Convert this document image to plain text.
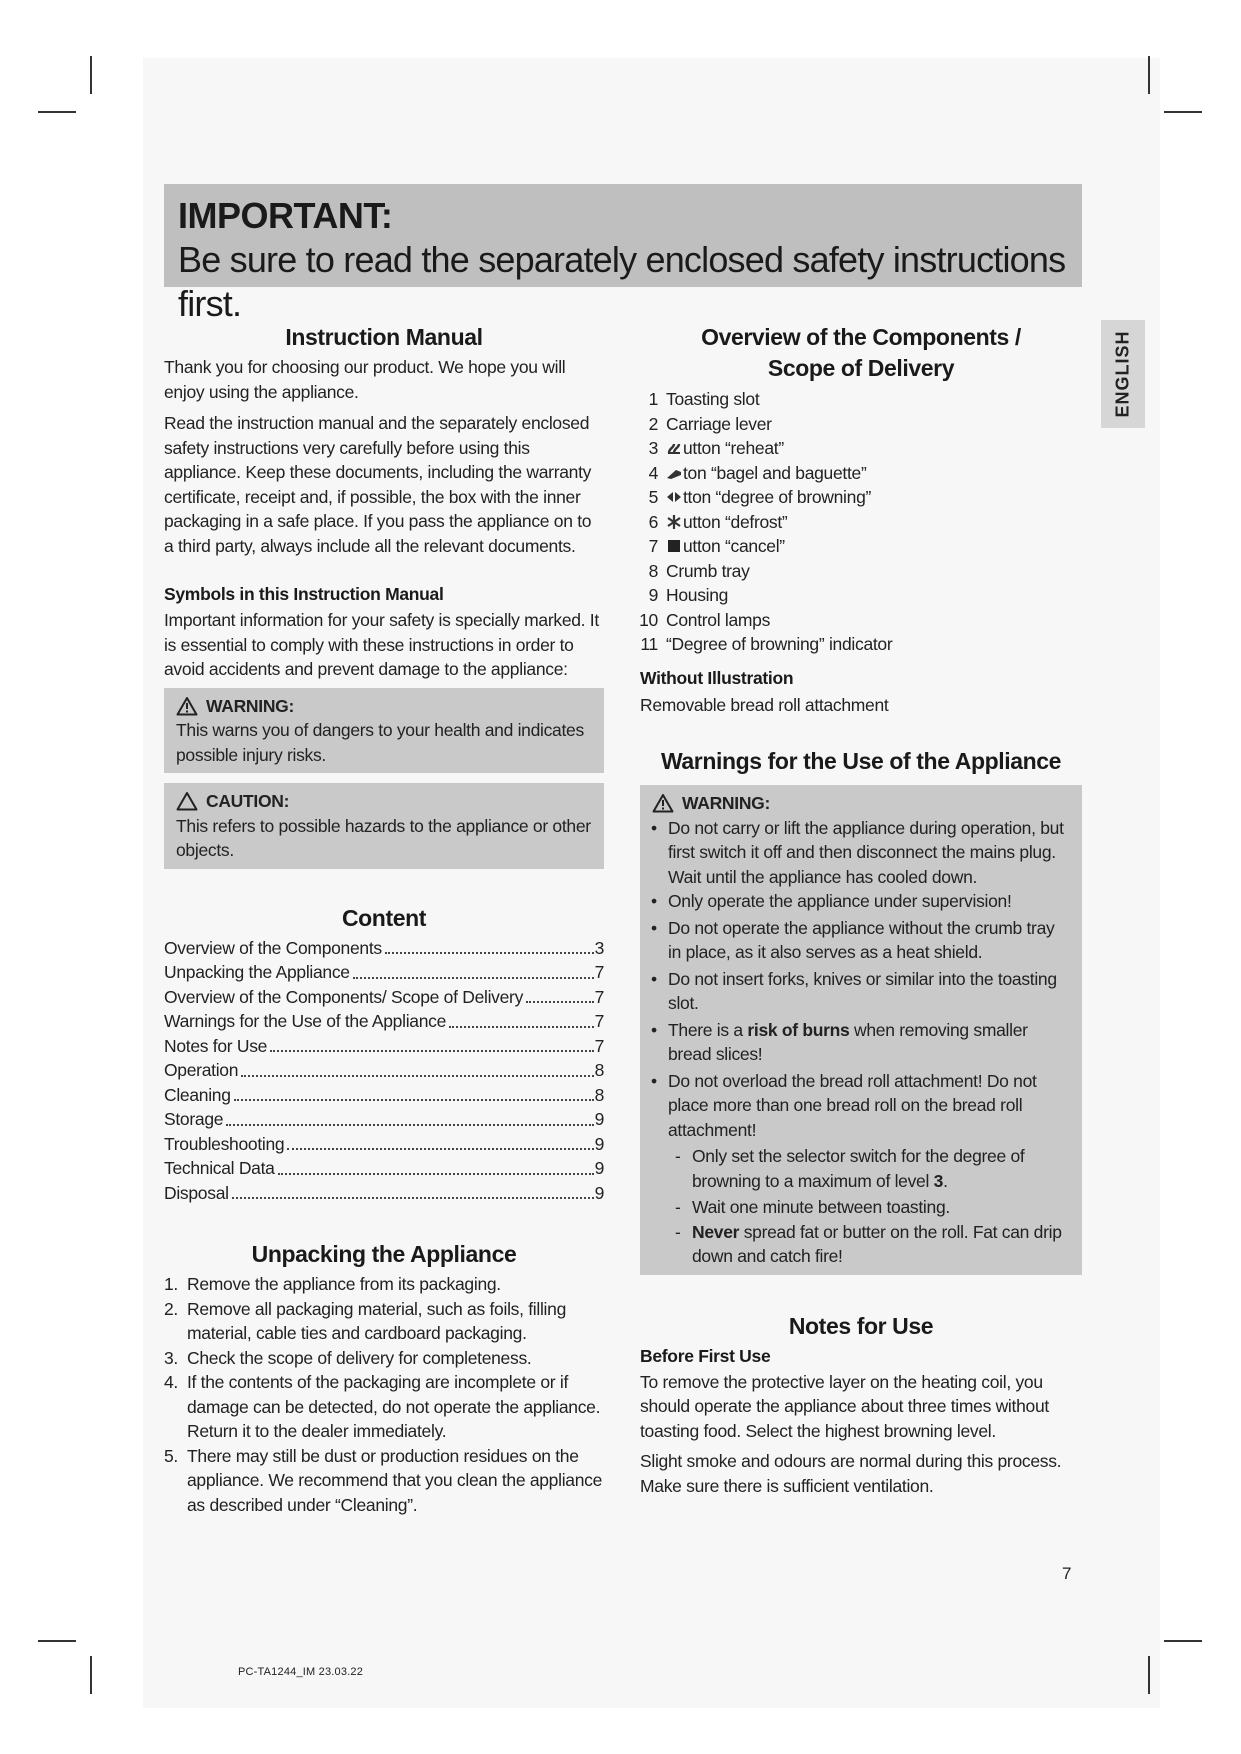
IMPORTANT:
Be sure to read the separately enclosed safety instructions first.
ENGLISH
Instruction Manual

Thank you for choosing our product. We hope you will enjoy using the appliance.

Read the instruction manual and the separately enclosed safety instructions very carefully before using this appliance. Keep these documents, including the warranty certificate, receipt and, if possible, the box with the inner packaging in a safe place. If you pass the appliance on to a third party, always include all the relevant documents.

Symbols in this Instruction Manual

Important information for your safety is specially marked. It is essential to comply with these instructions in order to avoid accidents and prevent damage to the appliance:

WARNING:

This warns you of dangers to your health and indicates possible injury risks.

CAUTION:

This refers to possible hazards to the appliance or other objects.

Content
Overview of the Components	3
Unpacking the Appliance	7
Overview of the Components/ Scope of Delivery	7
Warnings for the Use of the Appliance	7
Notes for Use	7
Operation	8
Cleaning	8
Storage	9
Troubleshooting	9
Technical Data	9
Disposal	9
Unpacking the Appliance
1. Remove the appliance from its packaging.
2. Remove all packaging material, such as foils, filling material, cable ties and cardboard packaging.
3. Check the scope of delivery for completeness.
4. If the contents of the packaging are incomplete or if damage can be detected, do not operate the appliance. Return it to the dealer immediately.
5. There may still be dust or production residues on the appliance. We recommend that you clean the appliance as described under “Cleaning”.
Overview of the Components /
Scope of Delivery
1 Toasting slot
2 Carriage lever
3 utton “reheat”
4 ton “bagel and baguette”
5 tton “degree of browning”
6 utton “defrost”
7 utton “cancel”
8 Crumb tray
9 Housing
10 Control lamps
11 “Degree of browning” indicator
Without Illustration

Removable bread roll attachment

Warnings for the Use of the Appliance
WARNING:
• Do not carry or lift the appliance during operation, but first switch it off and then disconnect the mains plug. Wait until the appliance has cooled down.
• Only operate the appliance under supervision!
• Do not operate the appliance without the crumb tray in place, as it also serves as a heat shield.
• Do not insert forks, knives or similar into the toasting slot.
• There is a risk of burns when removing smaller bread slices!
• Do not overload the bread roll attachment! Do not place more than one bread roll on the bread roll attachment!
- Only set the selector switch for the degree of browning to a maximum of level 3.
- Wait one minute between toasting.
- Never spread fat or butter on the roll. Fat can drip down and catch fire!
Notes for Use
Before First Use

To remove the protective layer on the heating coil, you should operate the appliance about three times without toasting food. Select the highest browning level.

Slight smoke and odours are normal during this process. Make sure there is sufficient ventilation.

7
PC-TA1244_IM 23.03.22
